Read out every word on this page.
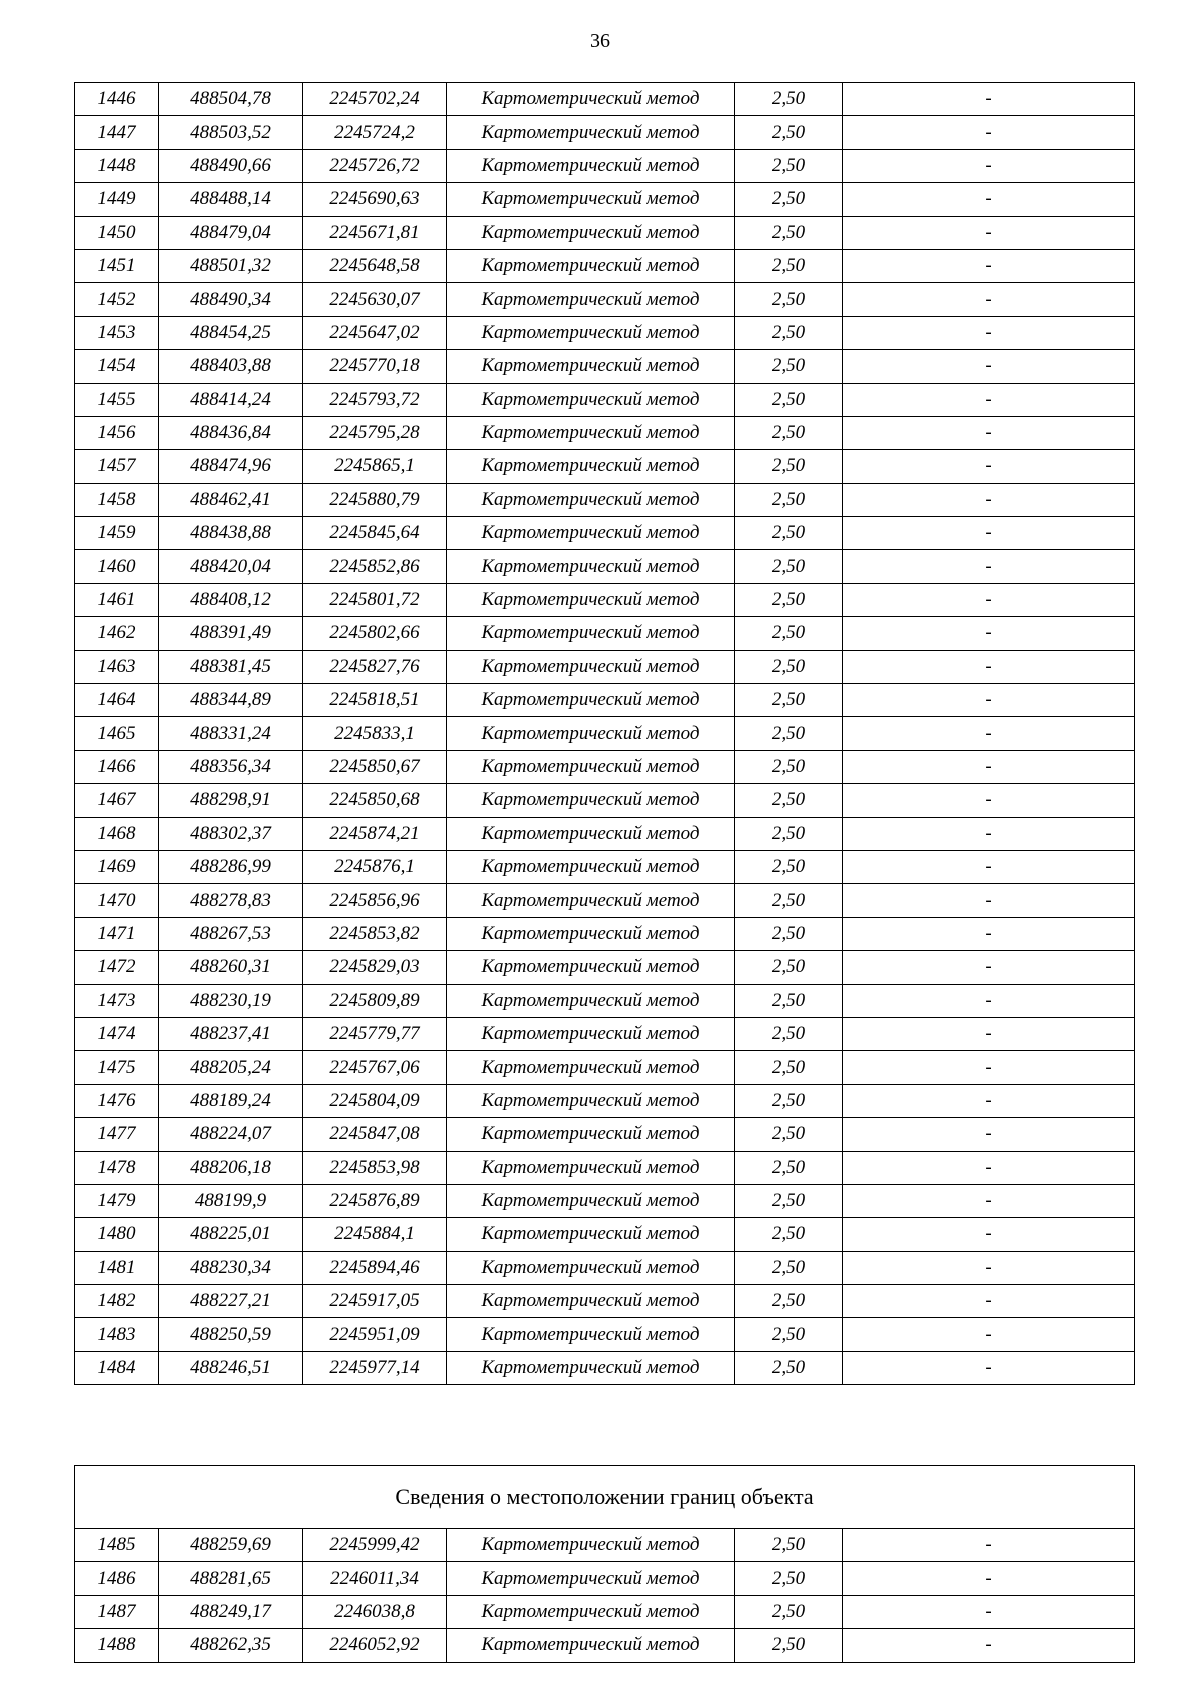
36
1446	488504,78	2245702,24	Картометрический метод	2,50	-
1447	488503,52	2245724,2	Картометрический метод	2,50	-
1448	488490,66	2245726,72	Картометрический метод	2,50	-
1449	488488,14	2245690,63	Картометрический метод	2,50	-
1450	488479,04	2245671,81	Картометрический метод	2,50	-
1451	488501,32	2245648,58	Картометрический метод	2,50	-
1452	488490,34	2245630,07	Картометрический метод	2,50	-
1453	488454,25	2245647,02	Картометрический метод	2,50	-
1454	488403,88	2245770,18	Картометрический метод	2,50	-
1455	488414,24	2245793,72	Картометрический метод	2,50	-
1456	488436,84	2245795,28	Картометрический метод	2,50	-
1457	488474,96	2245865,1	Картометрический метод	2,50	-
1458	488462,41	2245880,79	Картометрический метод	2,50	-
1459	488438,88	2245845,64	Картометрический метод	2,50	-
1460	488420,04	2245852,86	Картометрический метод	2,50	-
1461	488408,12	2245801,72	Картометрический метод	2,50	-
1462	488391,49	2245802,66	Картометрический метод	2,50	-
1463	488381,45	2245827,76	Картометрический метод	2,50	-
1464	488344,89	2245818,51	Картометрический метод	2,50	-
1465	488331,24	2245833,1	Картометрический метод	2,50	-
1466	488356,34	2245850,67	Картометрический метод	2,50	-
1467	488298,91	2245850,68	Картометрический метод	2,50	-
1468	488302,37	2245874,21	Картометрический метод	2,50	-
1469	488286,99	2245876,1	Картометрический метод	2,50	-
1470	488278,83	2245856,96	Картометрический метод	2,50	-
1471	488267,53	2245853,82	Картометрический метод	2,50	-
1472	488260,31	2245829,03	Картометрический метод	2,50	-
1473	488230,19	2245809,89	Картометрический метод	2,50	-
1474	488237,41	2245779,77	Картометрический метод	2,50	-
1475	488205,24	2245767,06	Картометрический метод	2,50	-
1476	488189,24	2245804,09	Картометрический метод	2,50	-
1477	488224,07	2245847,08	Картометрический метод	2,50	-
1478	488206,18	2245853,98	Картометрический метод	2,50	-
1479	488199,9	2245876,89	Картометрический метод	2,50	-
1480	488225,01	2245884,1	Картометрический метод	2,50	-
1481	488230,34	2245894,46	Картометрический метод	2,50	-
1482	488227,21	2245917,05	Картометрический метод	2,50	-
1483	488250,59	2245951,09	Картометрический метод	2,50	-
1484	488246,51	2245977,14	Картометрический метод	2,50	-
Сведения о местоположении границ объекта					
1485	488259,69	2245999,42	Картометрический метод	2,50	-
1486	488281,65	2246011,34	Картометрический метод	2,50	-
1487	488249,17	2246038,8	Картометрический метод	2,50	-
1488	488262,35	2246052,92	Картометрический метод	2,50	-
